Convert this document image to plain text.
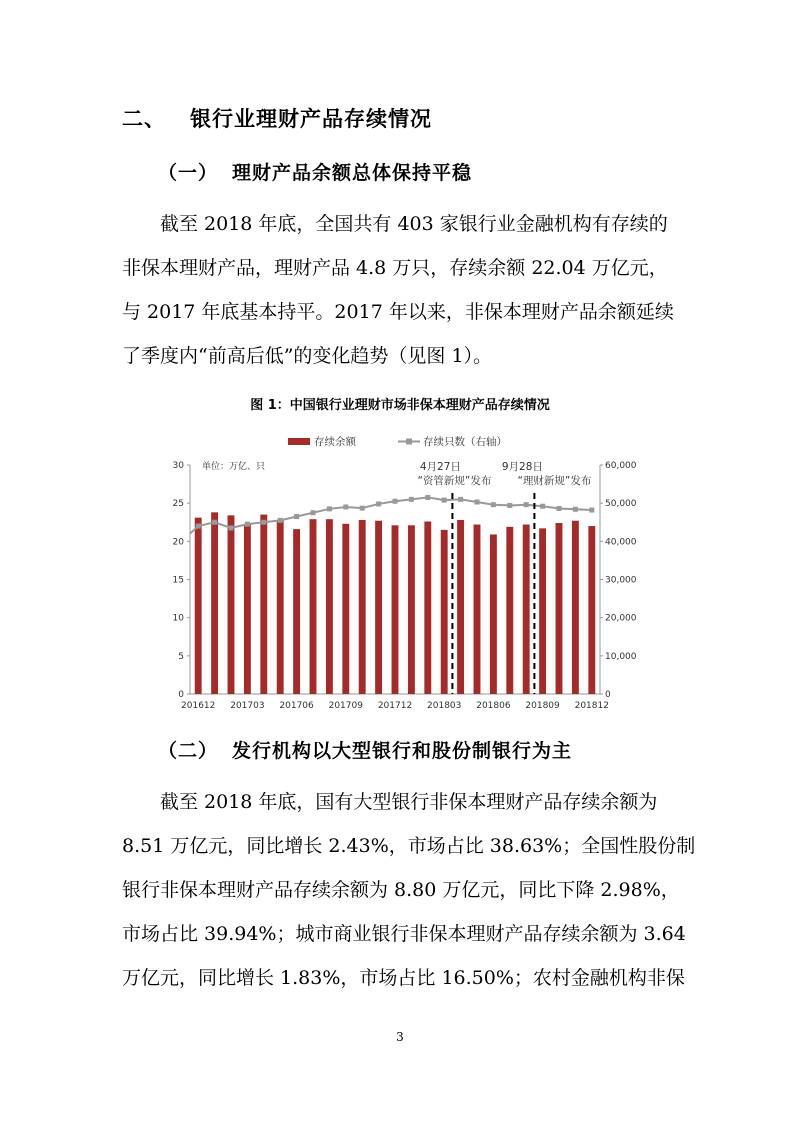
二、 银行业理财产品存续情况
（一） 理财产品余额总体保持平稳

　　截至 2018 年底，全国共有 403 家银行业金融机构有存续的

非保本理财产品，理财产品 4.8 万只，存续余额 22.04 万亿元，

与 2017 年底基本持平。2017 年以来，非保本理财产品余额延续

了季度内“前高后低”的变化趋势（见图 1）。

图 1：中国银行业理财市场非保本理财产品存续情况
存续余额	存续只数（右轴）
0
5
10
15
20
25
30
0
10,000
20,000
30,000
40,000
50,000
60,000
201612 201703 201706 201709 201712 201803 201806 201809 201812
单位：万亿、只	4月27日
“资管新规”发布
9月28日
“理财新规”发布
（二） 发行机构以大型银行和股份制银行为主

　　截至 2018 年底，国有大型银行非保本理财产品存续余额为

8.51 万亿元，同比增长 2.43%，市场占比 38.63%；全国性股份制

银行非保本理财产品存续余额为 8.80 万亿元，同比下降 2.98%，

市场占比 39.94%；城市商业银行非保本理财产品存续余额为 3.64

万亿元，同比增长 1.83%，市场占比 16.50%；农村金融机构非保

3
